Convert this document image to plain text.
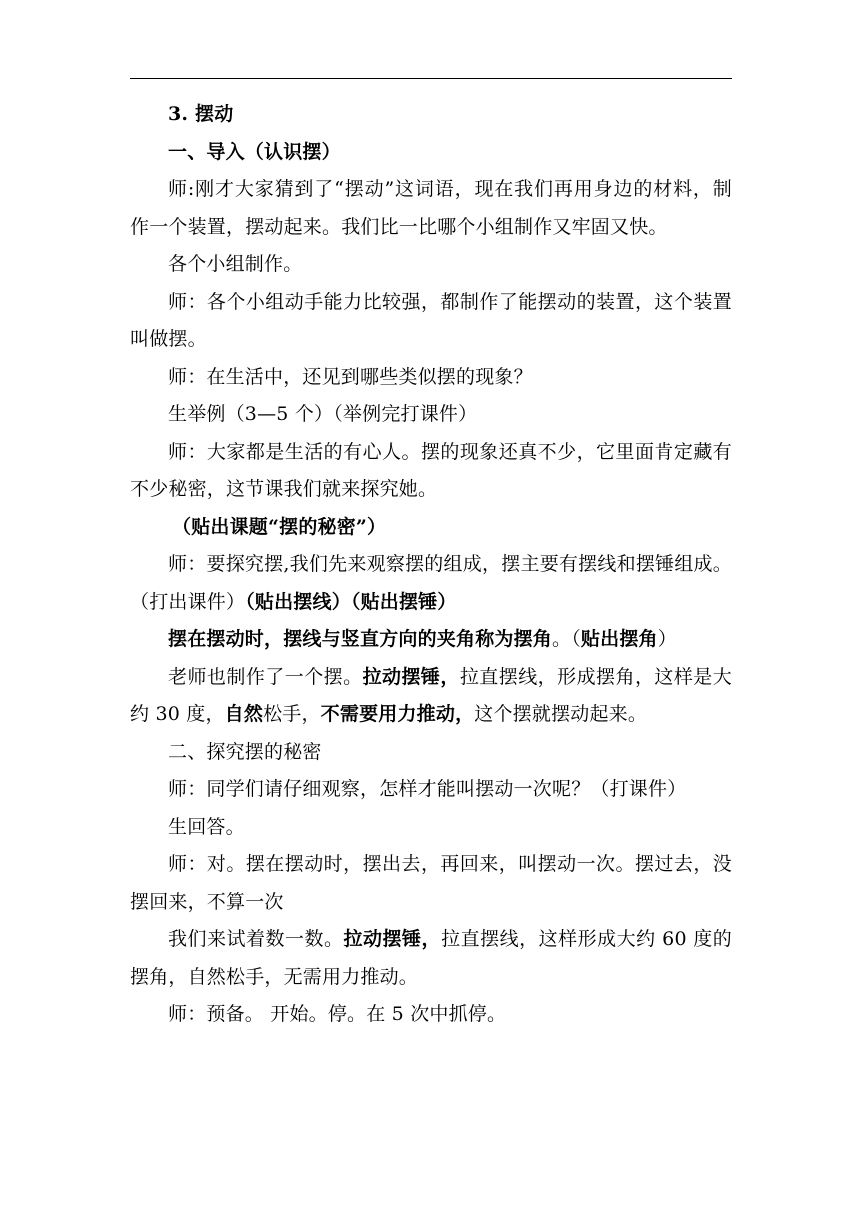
3. 摆动

一、导入（认识摆）

师:刚才大家猜到了“摆动”这词语，现在我们再用身边的材料，制作一个装置，摆动起来。我们比一比哪个小组制作又牢固又快。

各个小组制作。

师：各个小组动手能力比较强，都制作了能摆动的装置，这个装置叫做摆。

师：在生活中，还见到哪些类似摆的现象？

生举例（3—5 个）（举例完打课件）

师：大家都是生活的有心人。摆的现象还真不少，它里面肯定藏有不少秘密，这节课我们就来探究她。

（贴出课题“摆的秘密”）

师：要探究摆,我们先来观察摆的组成，摆主要有摆线和摆锤组成。（打出课件）（贴出摆线）（贴出摆锤）

摆在摆动时，摆线与竖直方向的夹角称为摆角。（贴出摆角）

老师也制作了一个摆。拉动摆锤，拉直摆线，形成摆角，这样是大约 30 度，自然松手，不需要用力推动，这个摆就摆动起来。

二、探究摆的秘密

师：同学们请仔细观察，怎样才能叫摆动一次呢？（打课件）

生回答。

师：对。摆在摆动时，摆出去，再回来，叫摆动一次。摆过去，没摆回来，不算一次

我们来试着数一数。拉动摆锤，拉直摆线，这样形成大约 60 度的摆角，自然松手，无需用力推动。

师：预备。 开始。停。在 5 次中抓停。
